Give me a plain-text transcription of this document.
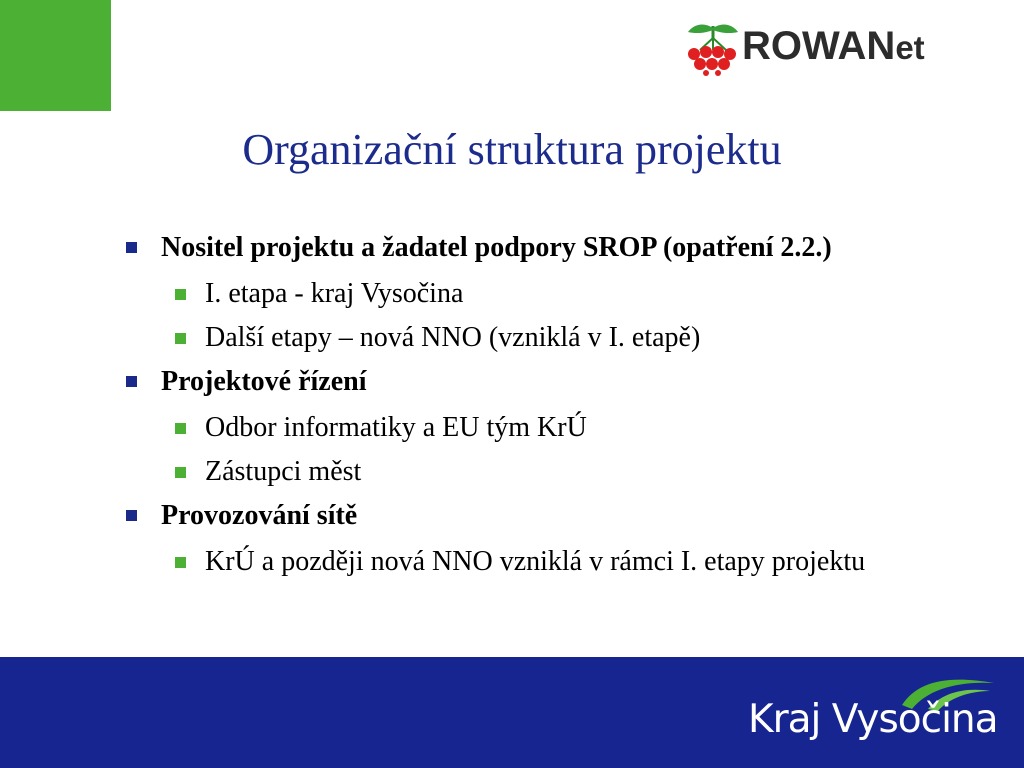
ROWANet
Organizační struktura projektu
Nositel projektu a žadatel podpory SROP (opatření 2.2.)
I. etapa - kraj Vysočina
Další etapy – nová NNO (vzniklá v I. etapě)
Projektové řízení
Odbor informatiky a EU tým KrÚ
Zástupci měst
Provozování sítě
KrÚ a později nová NNO vzniklá v rámci I. etapy projektu
Kraj Vysočina
